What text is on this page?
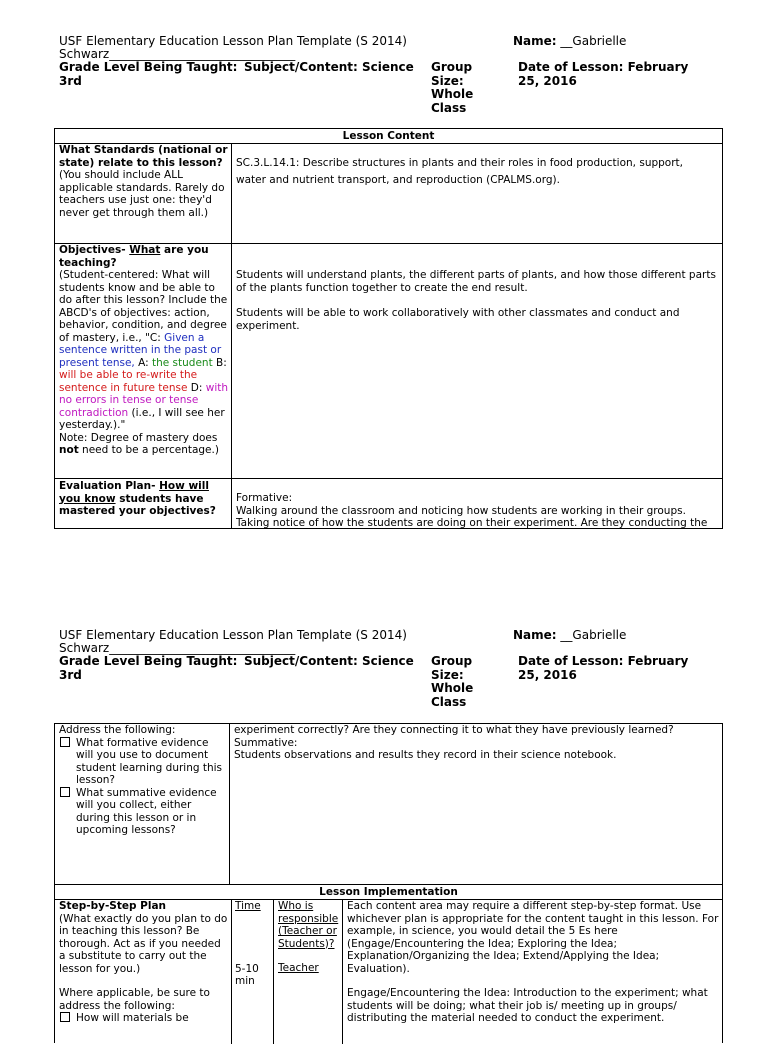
USF Elementary Education Lesson Plan Template (S 2014)
Schwarz_______________________________
Name: __Gabrielle
Grade Level Being Taught:
3rd
Subject/Content: Science	Group Size:
Whole Class
Date of Lesson: February
25, 2016
Lesson Content
What Standards (national or state) relate to this lesson?
(You should include ALL applicable standards. Rarely do teachers use just one: they'd never get through them all.)
SC.3.L.14.1: Describe structures in plants and their roles in food production, support, water and nutrient transport, and reproduction (CPALMS.org).
Objectives- What are you teaching?
(Student-centered: What will students know and be able to do after this lesson? Include the ABCD's of objectives: action, behavior, condition, and degree of mastery, i.e., "C: Given a sentence written in the past or present tense, A: the student B: will be able to re-write the sentence in future tense D: with no errors in tense or tense contradiction (i.e., I will see her yesterday.)."
Note: Degree of mastery does not need to be a percentage.)
Students will understand plants, the different parts of plants, and how those different parts of the plants function together to create the end result.
Students will be able to work collaboratively with other classmates and conduct and experiment.
Evaluation Plan- How will you know students have mastered your objectives?
Formative:
Walking around the classroom and noticing how students are working in their groups. Taking notice of how the students are doing on their experiment. Are they conducting the
USF Elementary Education Lesson Plan Template (S 2014)
Schwarz_______________________________
Name: __Gabrielle
Grade Level Being Taught:
3rd
Subject/Content: Science	Group Size:
Whole Class
Date of Lesson: February
25, 2016
Address the following:
What formative evidence will you use to document student learning during this lesson?
What summative evidence will you collect, either during this lesson or in upcoming lessons?
experiment correctly? Are they connecting it to what they have previously learned?
Summative:
Students observations and results they record in their science notebook.
Lesson Implementation
Step-by-Step Plan
(What exactly do you plan to do in teaching this lesson? Be thorough. Act as if you needed a substitute to carry out the lesson for you.)
Where applicable, be sure to address the following:
How will materials be
Time
5-10 min
Who is responsible (Teacher or Students)?
Teacher
Each content area may require a different step-by-step format. Use whichever plan is appropriate for the content taught in this lesson. For example, in science, you would detail the 5 Es here (Engage/Encountering the Idea; Exploring the Idea; Explanation/Organizing the Idea; Extend/Applying the Idea; Evaluation).
Engage/Encountering the Idea: Introduction to the experiment; what students will be doing; what their job is/ meeting up in groups/ distributing the material needed to conduct the experiment.
